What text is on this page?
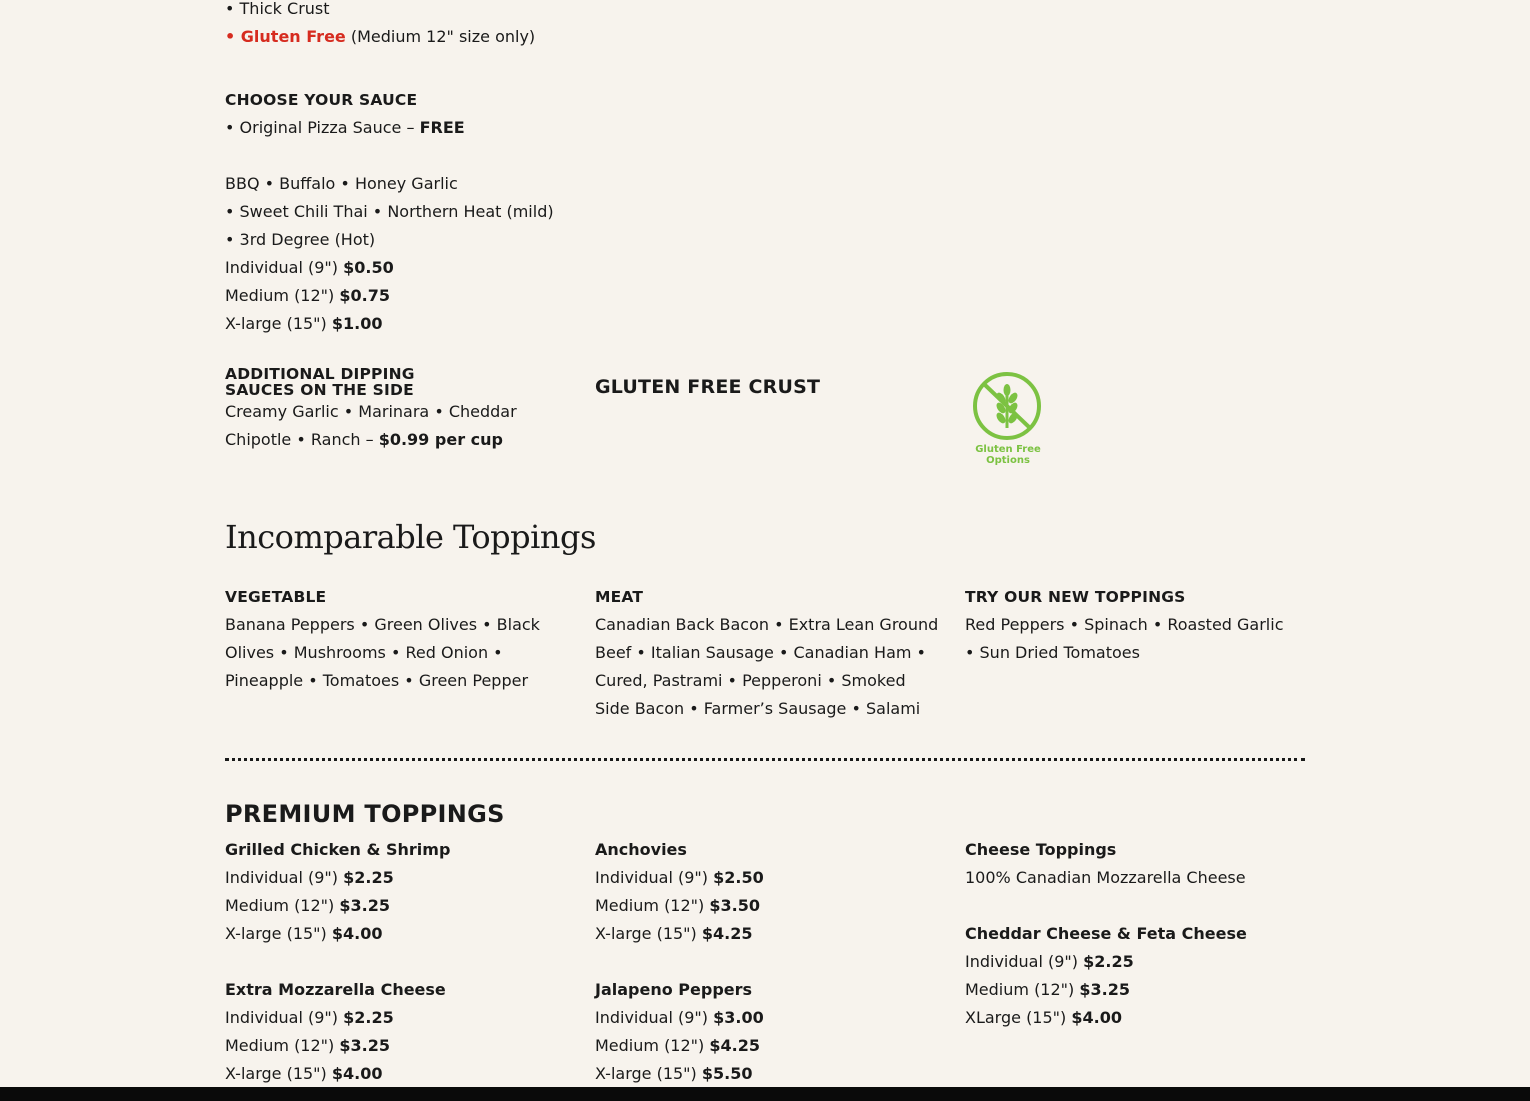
• Thick Crust
• Gluten Free (Medium 12" size only)
CHOOSE YOUR SAUCE
• Original Pizza Sauce – FREE
BBQ • Buffalo • Honey Garlic
• Sweet Chili Thai • Northern Heat (mild)
• 3rd Degree (Hot)
Individual (9") $0.50
Medium (12") $0.75
X-large (15") $1.00
ADDITIONAL DIPPING
SAUCES ON THE SIDE
Creamy Garlic • Marinara • Cheddar
Chipotle • Ranch – $0.99 per cup
GLUTEN FREE CRUST
Gluten Free
Options
Incomparable Toppings
VEGETABLE
Banana Peppers • Green Olives • Black Olives • Mushrooms • Red Onion • Pineapple • Tomatoes • Green Pepper
MEAT
Canadian Back Bacon • Extra Lean Ground Beef • Italian Sausage • Canadian Ham • Cured, Pastrami • Pepperoni • Smoked Side Bacon • Farmer’s Sausage • Salami
TRY OUR NEW TOPPINGS
Red Peppers • Spinach • Roasted Garlic • Sun Dried Tomatoes
PREMIUM TOPPINGS
Grilled Chicken & Shrimp
Individual (9") $2.25
Medium (12") $3.25
X-large (15") $4.00
Extra Mozzarella Cheese
Individual (9") $2.25
Medium (12") $3.25
X-large (15") $4.00
Anchovies
Individual (9") $2.50
Medium (12") $3.50
X-large (15") $4.25
Jalapeno Peppers
Individual (9") $3.00
Medium (12") $4.25
X-large (15") $5.50
Cheese Toppings
100% Canadian Mozzarella Cheese
Cheddar Cheese & Feta Cheese
Individual (9") $2.25
Medium (12") $3.25
XLarge (15") $4.00
